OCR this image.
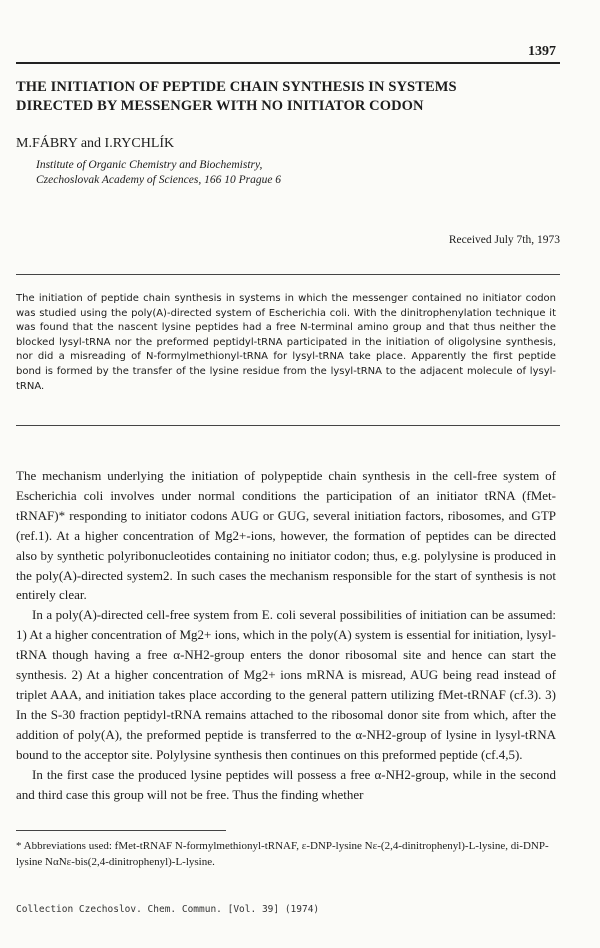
1397
THE INITIATION OF PEPTIDE CHAIN SYNTHESIS IN SYSTEMS DIRECTED BY MESSENGER WITH NO INITIATOR CODON
M.FÁBRY and I.RYCHLÍK
Institute of Organic Chemistry and Biochemistry,
Czechoslovak Academy of Sciences, 166 10 Prague 6
Received July 7th, 1973
The initiation of peptide chain synthesis in systems in which the messenger contained no initiator codon was studied using the poly(A)-directed system of Escherichia coli. With the dinitrophenylation technique it was found that the nascent lysine peptides had a free N-terminal amino group and that thus neither the blocked lysyl-tRNA nor the preformed peptidyl-tRNA participated in the initiation of oligolysine synthesis, nor did a misreading of N-formylmethionyl-tRNA for lysyl-tRNA take place. Apparently the first peptide bond is formed by the transfer of the lysine residue from the lysyl-tRNA to the adjacent molecule of lysyl-tRNA.

The mechanism underlying the initiation of polypeptide chain synthesis in the cell-free system of Escherichia coli involves under normal conditions the participation of an initiator tRNA (fMet-tRNAF)* responding to initiator codons AUG or GUG, several initiation factors, ribosomes, and GTP (ref.1). At a higher concentration of Mg2+-ions, however, the formation of peptides can be directed also by synthetic polyribonucleotides containing no initiator codon; thus, e.g. polylysine is produced in the poly(A)-directed system2. In such cases the mechanism responsible for the start of synthesis is not entirely clear.

In a poly(A)-directed cell-free system from E. coli several possibilities of initiation can be assumed: 1) At a higher concentration of Mg2+ ions, which in the poly(A) system is essential for initiation, lysyl-tRNA though having a free α-NH2-group enters the donor ribosomal site and hence can start the synthesis. 2) At a higher concentration of Mg2+ ions mRNA is misread, AUG being read instead of triplet AAA, and initiation takes place according to the general pattern utilizing fMet-tRNAF (cf.3). 3) In the S-30 fraction peptidyl-tRNA remains attached to the ribosomal donor site from which, after the addition of poly(A), the preformed peptide is transferred to the α-NH2-group of lysine in lysyl-tRNA bound to the acceptor site. Polylysine synthesis then continues on this preformed peptide (cf.4,5).

In the first case the produced lysine peptides will possess a free α-NH2-group, while in the second and third case this group will not be free. Thus the finding whether

* Abbreviations used: fMet-tRNAF N-formylmethionyl-tRNAF, ε-DNP-lysine Nε-(2,4-dinitrophenyl)-L-lysine, di-DNP-lysine NαNε-bis(2,4-dinitrophenyl)-L-lysine.
Collection Czechoslov. Chem. Commun. [Vol. 39] (1974)
